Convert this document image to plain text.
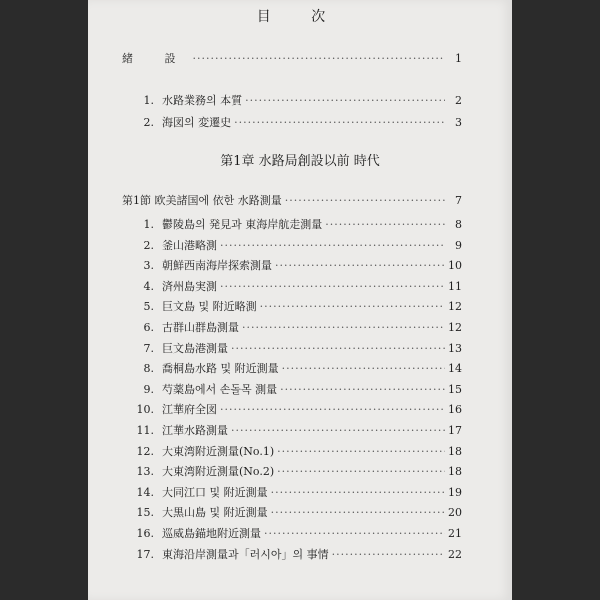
目 次
緒 設 ·····	1
1. 水路業務의 本質 ·····	2
2. 海図의 変遷史 ·····	3
第1章 水路局創設以前 時代
第1節 欧美諸国에 依한 水路測量 ·····	7
1. 鬱陵島의 発見과 東海岸航走測量 ·····	8
2. 釜山港略測 ·····	9
3. 朝鮮西南海岸探索測量 ·····	10
4. 済州島実測 ·····	11
5. 巨文島 및 附近略測 ·····	12
6. 古群山群島測量 ·····	12
7. 巨文島港測量 ·····	13
8. 喬桐島水路 및 附近測量 ·····	14
9. 芍薬島에서 손돌목 測量 ·····	15
10. 江華府全図 ·····	16
11. 江華水路測量 ·····	17
12. 大東湾附近測量(No.1) ·····	18
13. 大東湾附近測量(No.2) ·····	18
14. 大同江口 및 附近測量 ·····	19
15. 大黒山島 및 附近測量 ·····	20
16. 巡威島錨地附近測量 ·····	21
17. 東海沿岸測量과「러시아」의 事情 ·····	22
